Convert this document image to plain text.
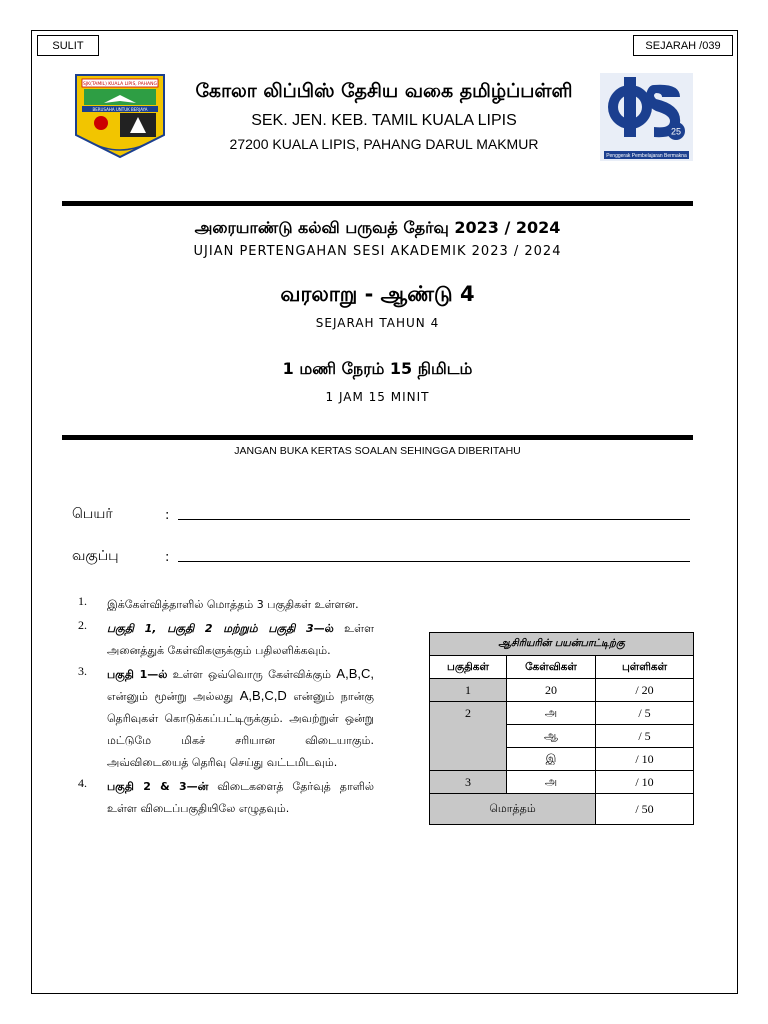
SULIT	SEJARAH /039
SJK(TAMIL) KUALA LIPIS, PAHANG
BERUSAHA UNTUK BERJAYA
25
Penggerak Pembelajaran Bermakna
கோலா லிப்பிஸ் தேசிய வகை தமிழ்ப்பள்ளி
SEK. JEN. KEB. TAMIL KUALA LIPIS
27200 KUALA LIPIS, PAHANG DARUL MAKMUR
அரையாண்டு கல்வி பருவத் தேர்வு 2023 / 2024
UJIAN PERTENGAHAN SESI AKADEMIK 2023 / 2024
வரலாறு - ஆண்டு 4
SEJARAH TAHUN 4
1 மணி நேரம் 15 நிமிடம்
1 JAM 15 MINIT
JANGAN BUKA KERTAS SOALAN SEHINGGA DIBERITAHU
பெயர்	:
வகுப்பு	:
1. இக்கேள்வித்தாளில் மொத்தம் 3 பகுதிகள் உள்ளன.
2. பகுதி 1, பகுதி 2 மற்றும் பகுதி 3—ல் உள்ள அனைத்துக் கேள்விகளுக்கும் பதிலளிக்கவும்.
3. பகுதி 1—ல் உள்ள ஒவ்வொரு கேள்விக்கும் A,B,C, என்னும் மூன்று அல்லது A,B,C,D என்னும் நான்கு தெரிவுகள் கொடுக்கப்பட்டிருக்கும். அவற்றுள் ஒன்று மட்டுமே மிகச் சரியான விடையாகும். அவ்விடையைத் தெரிவு செய்து வட்டமிடவும்.
4. பகுதி 2 & 3—ன் விடைகளைத் தேர்வுத் தாளில் உள்ள விடைப்பகுதியிலே எழுதவும்.
ஆசிரியரின் பயன்பாட்டிற்கு		
பகுதிகள்	கேள்விகள்	புள்ளிகள்
1	20	/ 20
2	அ	/ 5
	ஆ	/ 5
	இ	/ 10
3	அ	/ 10
மொத்தம்		/ 50
